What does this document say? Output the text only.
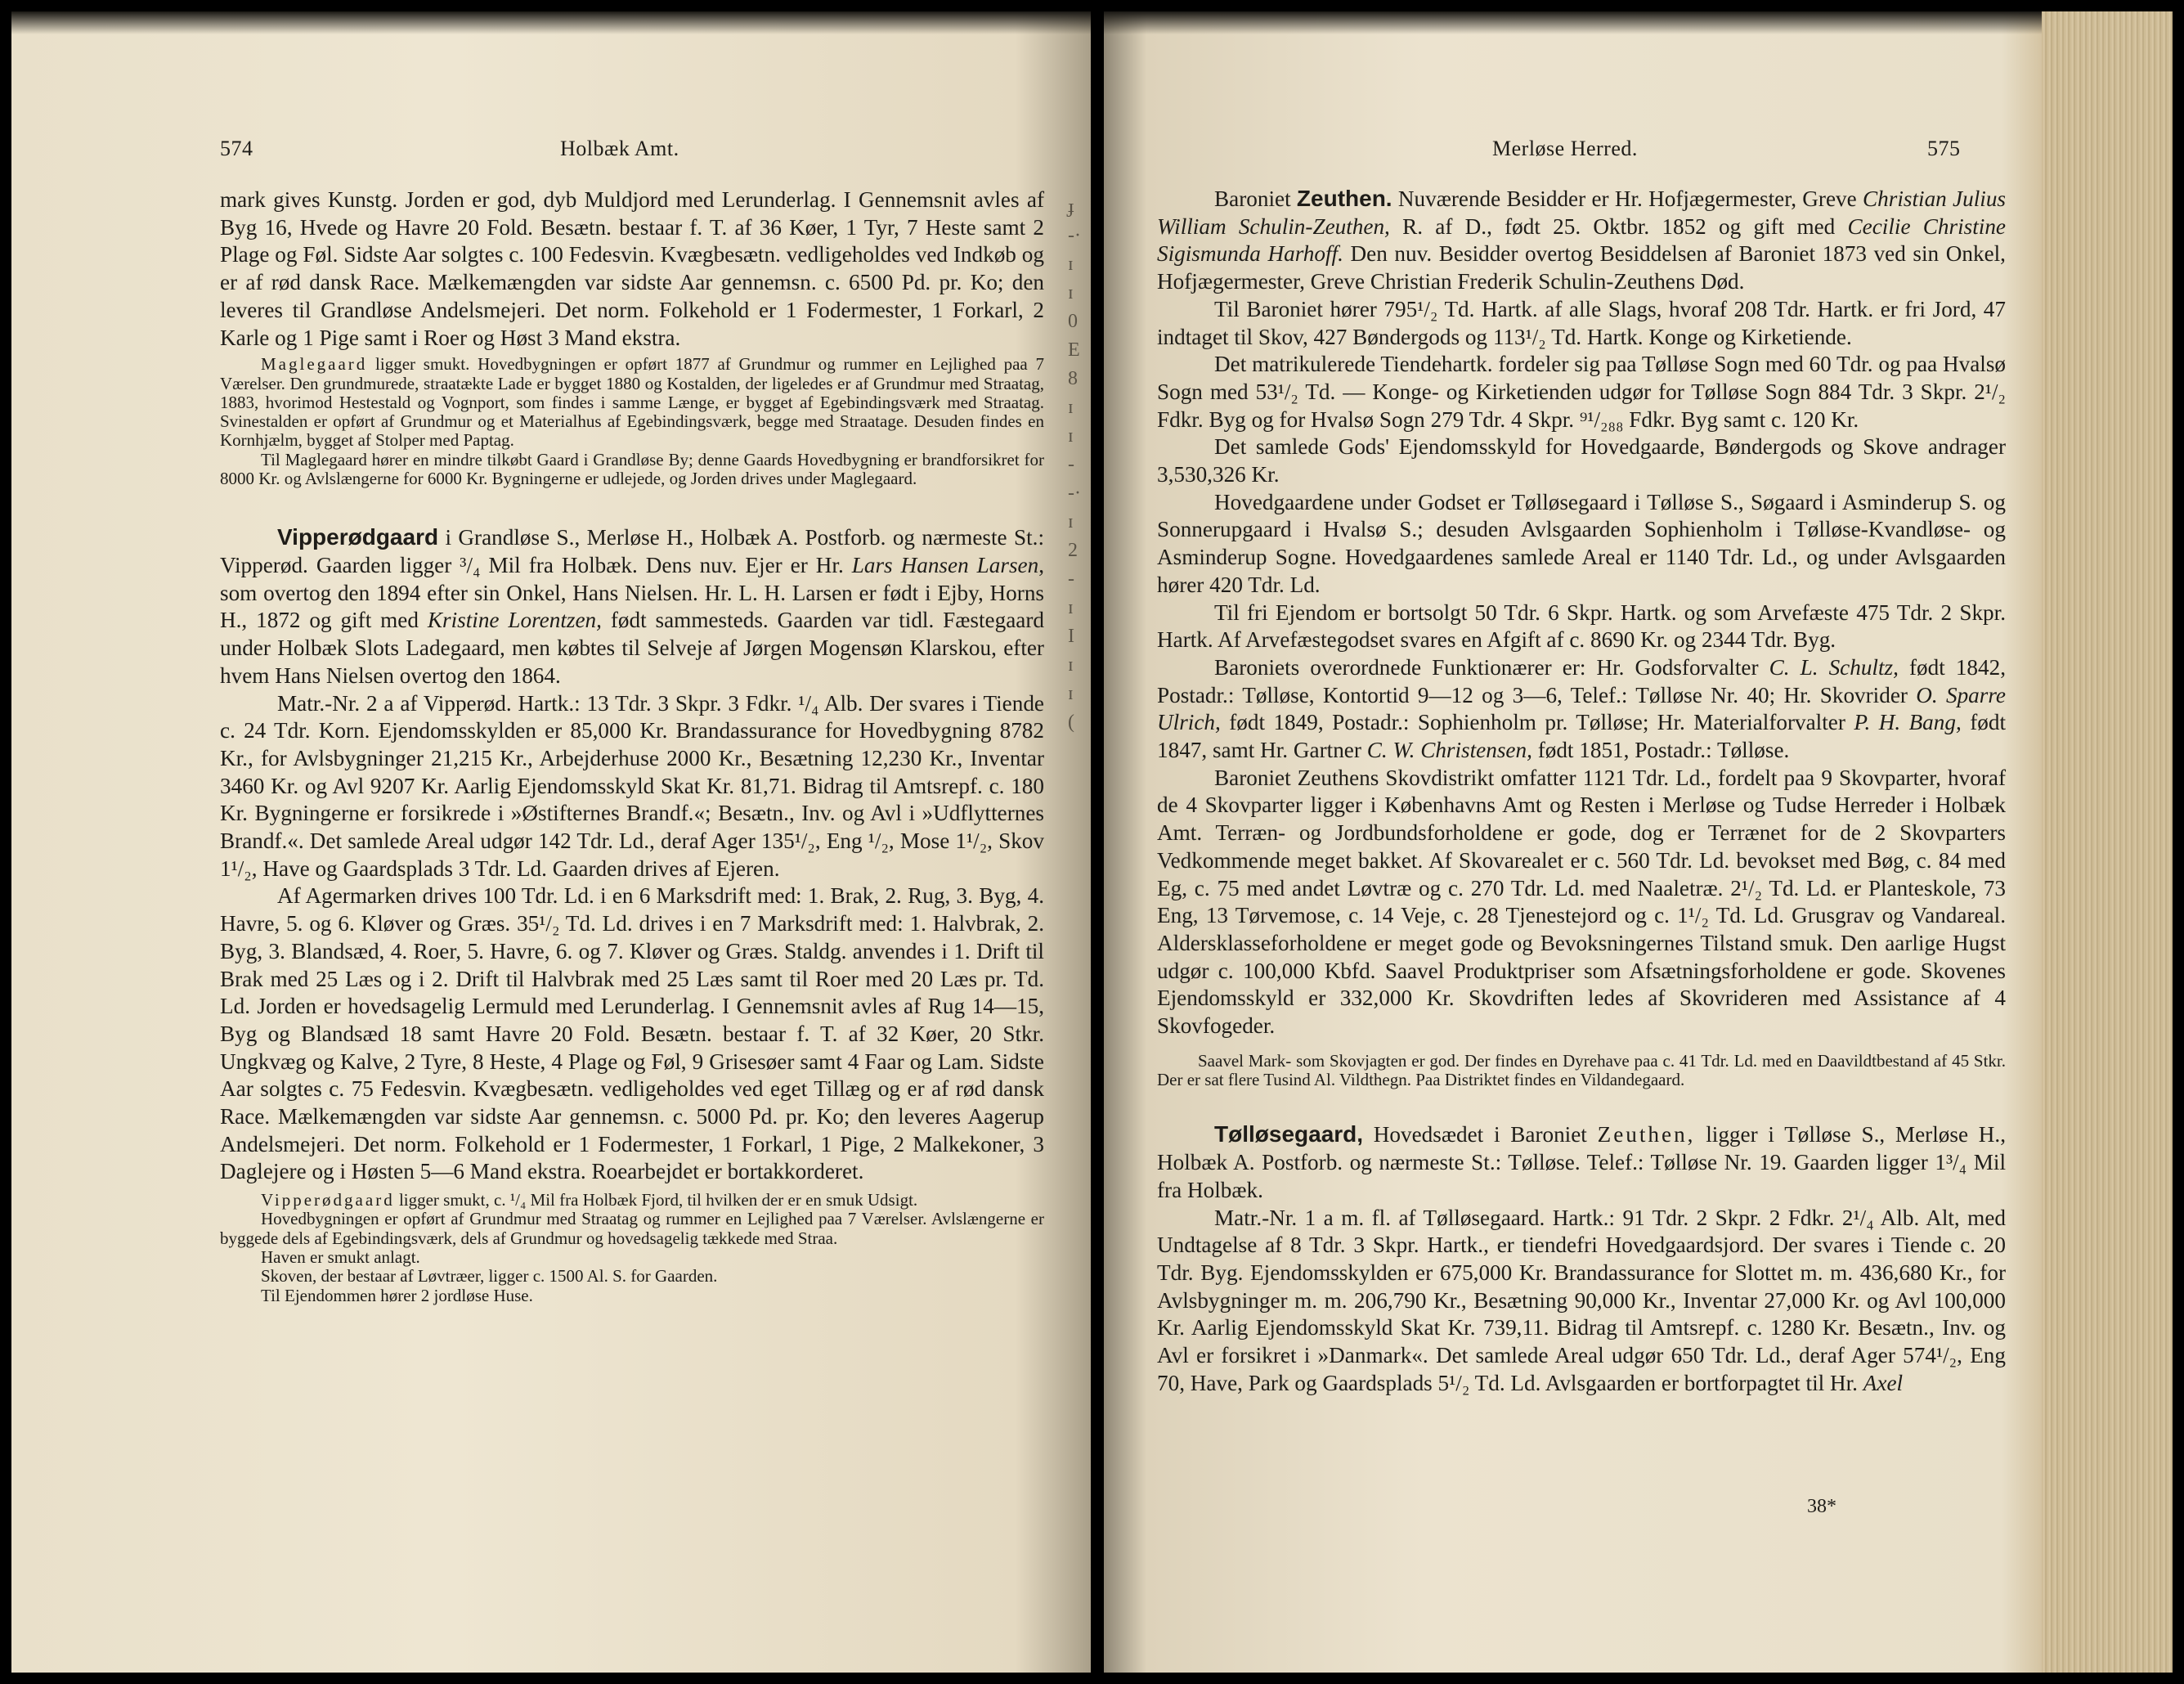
574	Holbæk Amt.
ɟ
-·
ɪ
ɪ
0
E
8
ɪ
ɪ
-
-·
ɪ
2
-
ɪ
I
ɪ
ɪ
(

mark gives Kunstg. Jorden er god, dyb Muldjord med Lerunderlag. I Gennemsnit avles af Byg 16, Hvede og Havre 20 Fold. Besætn. bestaar f. T. af 36 Køer, 1 Tyr, 7 Heste samt 2 Plage og Føl. Sidste Aar solgtes c. 100 Fedesvin. Kvægbesætn. vedligeholdes ved Indkøb og er af rød dansk Race. Mælkemængden var sidste Aar gennemsn. c. 6500 Pd. pr. Ko; den leveres til Grandløse Andelsmejeri. Det norm. Folkehold er 1 Fodermester, 1 Forkarl, 2 Karle og 1 Pige samt i Roer og Høst 3 Mand ekstra.

Maglegaard ligger smukt. Hovedbygningen er opført 1877 af Grundmur og rummer en Lejlighed paa 7 Værelser. Den grundmurede, straatækte Lade er bygget 1880 og Kostalden, der ligeledes er af Grundmur med Straatag, 1883, hvorimod Hestestald og Vognport, som findes i samme Længe, er bygget af Egebindingsværk med Straatag. Svinestalden er opført af Grundmur og et Materialhus af Egebindingsværk, begge med Straatage. Desuden findes en Kornhjælm, bygget af Stolper med Paptag.

Til Maglegaard hører en mindre tilkøbt Gaard i Grandløse By; denne Gaards Hovedbygning er brandforsikret for 8000 Kr. og Avlslængerne for 6000 Kr. Bygningerne er udlejede, og Jorden drives under Maglegaard.

Vipperødgaard i Grandløse S., Merløse H., Holbæk A. Postforb. og nærmeste St.: Vipperød. Gaarden ligger ³/₄ Mil fra Holbæk. Dens nuv. Ejer er Hr. Lars Hansen Larsen, som overtog den 1894 efter sin Onkel, Hans Nielsen. Hr. L. H. Larsen er født i Ejby, Horns H., 1872 og gift med Kristine Lorentzen, født sammesteds. Gaarden var tidl. Fæstegaard under Holbæk Slots Ladegaard, men købtes til Selveje af Jørgen Mogensøn Klarskou, efter hvem Hans Nielsen overtog den 1864.

Matr.-Nr. 2 a af Vipperød. Hartk.: 13 Tdr. 3 Skpr. 3 Fdkr. ¹/₄ Alb. Der svares i Tiende c. 24 Tdr. Korn. Ejendomsskylden er 85,000 Kr. Brandassurance for Hovedbygning 8782 Kr., for Avlsbygninger 21,215 Kr., Arbejderhuse 2000 Kr., Besætning 12,230 Kr., Inventar 3460 Kr. og Avl 9207 Kr. Aarlig Ejendomsskyld Skat Kr. 81,71. Bidrag til Amtsrepf. c. 180 Kr. Bygningerne er forsikrede i »Østifternes Brandf.«; Besætn., Inv. og Avl i »Udflytternes Brandf.«. Det samlede Areal udgør 142 Tdr. Ld., deraf Ager 135¹/₂, Eng ¹/₂, Mose 1¹/₂, Skov 1¹/₂, Have og Gaardsplads 3 Tdr. Ld. Gaarden drives af Ejeren.

Af Agermarken drives 100 Tdr. Ld. i en 6 Marksdrift med: 1. Brak, 2. Rug, 3. Byg, 4. Havre, 5. og 6. Kløver og Græs. 35¹/₂ Td. Ld. drives i en 7 Marksdrift med: 1. Halvbrak, 2. Byg, 3. Blandsæd, 4. Roer, 5. Havre, 6. og 7. Kløver og Græs. Staldg. anvendes i 1. Drift til Brak med 25 Læs og i 2. Drift til Halvbrak med 25 Læs samt til Roer med 20 Læs pr. Td. Ld. Jorden er hovedsagelig Lermuld med Lerunderlag. I Gennemsnit avles af Rug 14—15, Byg og Blandsæd 18 samt Havre 20 Fold. Besætn. bestaar f. T. af 32 Køer, 20 Stkr. Ungkvæg og Kalve, 2 Tyre, 8 Heste, 4 Plage og Føl, 9 Grisesøer samt 4 Faar og Lam. Sidste Aar solgtes c. 75 Fedesvin. Kvægbesætn. vedligeholdes ved eget Tillæg og er af rød dansk Race. Mælkemængden var sidste Aar gennemsn. c. 5000 Pd. pr. Ko; den leveres Aagerup Andelsmejeri. Det norm. Folkehold er 1 Fodermester, 1 Forkarl, 1 Pige, 2 Malkekoner, 3 Daglejere og i Høsten 5—6 Mand ekstra. Roearbejdet er bortakkorderet.

Vipperødgaard ligger smukt, c. ¹/₄ Mil fra Holbæk Fjord, til hvilken der er en smuk Udsigt.

Hovedbygningen er opført af Grundmur med Straatag og rummer en Lejlighed paa 7 Værelser. Avlslængerne er byggede dels af Egebindingsværk, dels af Grundmur og hovedsagelig tækkede med Straa.

Haven er smukt anlagt.

Skoven, der bestaar af Løvtræer, ligger c. 1500 Al. S. for Gaarden.

Til Ejendommen hører 2 jordløse Huse.

Merløse Herred.	575

Baroniet Zeuthen. Nuværende Besidder er Hr. Hofjægermester, Greve Christian Julius William Schulin-Zeuthen, R. af D., født 25. Oktbr. 1852 og gift med Cecilie Christine Sigismunda Harhoff. Den nuv. Besidder overtog Besiddelsen af Baroniet 1873 ved sin Onkel, Hofjægermester, Greve Christian Frederik Schulin-Zeuthens Død.

Til Baroniet hører 795¹/₂ Td. Hartk. af alle Slags, hvoraf 208 Tdr. Hartk. er fri Jord, 47 indtaget til Skov, 427 Bøndergods og 113¹/₂ Td. Hartk. Konge og Kirketiende.

Det matrikulerede Tiendehartk. fordeler sig paa Tølløse Sogn med 60 Tdr. og paa Hvalsø Sogn med 53¹/₂ Td. — Konge- og Kirketienden udgør for Tølløse Sogn 884 Tdr. 3 Skpr. 2¹/₂ Fdkr. Byg og for Hvalsø Sogn 279 Tdr. 4 Skpr. ⁹¹/₂₈₈ Fdkr. Byg samt c. 120 Kr.

Det samlede Gods' Ejendomsskyld for Hovedgaarde, Bøndergods og Skove andrager 3,530,326 Kr.

Hovedgaardene under Godset er Tølløsegaard i Tølløse S., Søgaard i Asminderup S. og Sonnerupgaard i Hvalsø S.; desuden Avlsgaarden Sophienholm i Tølløse-Kvandløse- og Asminderup Sogne. Hovedgaardenes samlede Areal er 1140 Tdr. Ld., og under Avlsgaarden hører 420 Tdr. Ld.

Til fri Ejendom er bortsolgt 50 Tdr. 6 Skpr. Hartk. og som Arvefæste 475 Tdr. 2 Skpr. Hartk. Af Arvefæstegodset svares en Afgift af c. 8690 Kr. og 2344 Tdr. Byg.

Baroniets overordnede Funktionærer er: Hr. Godsforvalter C. L. Schultz, født 1842, Postadr.: Tølløse, Kontortid 9—12 og 3—6, Telef.: Tølløse Nr. 40; Hr. Skovrider O. Sparre Ulrich, født 1849, Postadr.: Sophienholm pr. Tølløse; Hr. Materialforvalter P. H. Bang, født 1847, samt Hr. Gartner C. W. Christensen, født 1851, Postadr.: Tølløse.

Baroniet Zeuthens Skovdistrikt omfatter 1121 Tdr. Ld., fordelt paa 9 Skovparter, hvoraf de 4 Skovparter ligger i Københavns Amt og Resten i Merløse og Tudse Herreder i Holbæk Amt. Terræn- og Jordbundsforholdene er gode, dog er Terrænet for de 2 Skovparters Vedkommende meget bakket. Af Skovarealet er c. 560 Tdr. Ld. bevokset med Bøg, c. 84 med Eg, c. 75 med andet Løvtræ og c. 270 Tdr. Ld. med Naaletræ. 2¹/₂ Td. Ld. er Planteskole, 73 Eng, 13 Tørvemose, c. 14 Veje, c. 28 Tjenestejord og c. 1¹/₂ Td. Ld. Grusgrav og Vandareal. Aldersklasseforholdene er meget gode og Bevoksningernes Tilstand smuk. Den aarlige Hugst udgør c. 100,000 Kbfd. Saavel Produktpriser som Afsætningsforholdene er gode. Skovenes Ejendomsskyld er 332,000 Kr. Skovdriften ledes af Skovrideren med Assistance af 4 Skovfogeder.

Saavel Mark- som Skovjagten er god. Der findes en Dyrehave paa c. 41 Tdr. Ld. med en Daavildtbestand af 45 Stkr. Der er sat flere Tusind Al. Vildthegn. Paa Distriktet findes en Vildandegaard.

Tølløsegaard, Hovedsædet i Baroniet Zeuthen, ligger i Tølløse S., Merløse H., Holbæk A. Postforb. og nærmeste St.: Tølløse. Telef.: Tølløse Nr. 19. Gaarden ligger 1³/₄ Mil fra Holbæk.

Matr.-Nr. 1 a m. fl. af Tølløsegaard. Hartk.: 91 Tdr. 2 Skpr. 2 Fdkr. 2¹/₄ Alb. Alt, med Undtagelse af 8 Tdr. 3 Skpr. Hartk., er tiendefri Hovedgaardsjord. Der svares i Tiende c. 20 Tdr. Byg. Ejendomsskylden er 675,000 Kr. Brandassurance for Slottet m. m. 436,680 Kr., for Avlsbygninger m. m. 206,790 Kr., Besætning 90,000 Kr., Inventar 27,000 Kr. og Avl 100,000 Kr. Aarlig Ejendomsskyld Skat Kr. 739,11. Bidrag til Amtsrepf. c. 1280 Kr. Besætn., Inv. og Avl er forsikret i »Danmark«. Det samlede Areal udgør 650 Tdr. Ld., deraf Ager 574¹/₂, Eng 70, Have, Park og Gaardsplads 5¹/₂ Td. Ld. Avlsgaarden er bortforpagtet til Hr. Axel

38*
